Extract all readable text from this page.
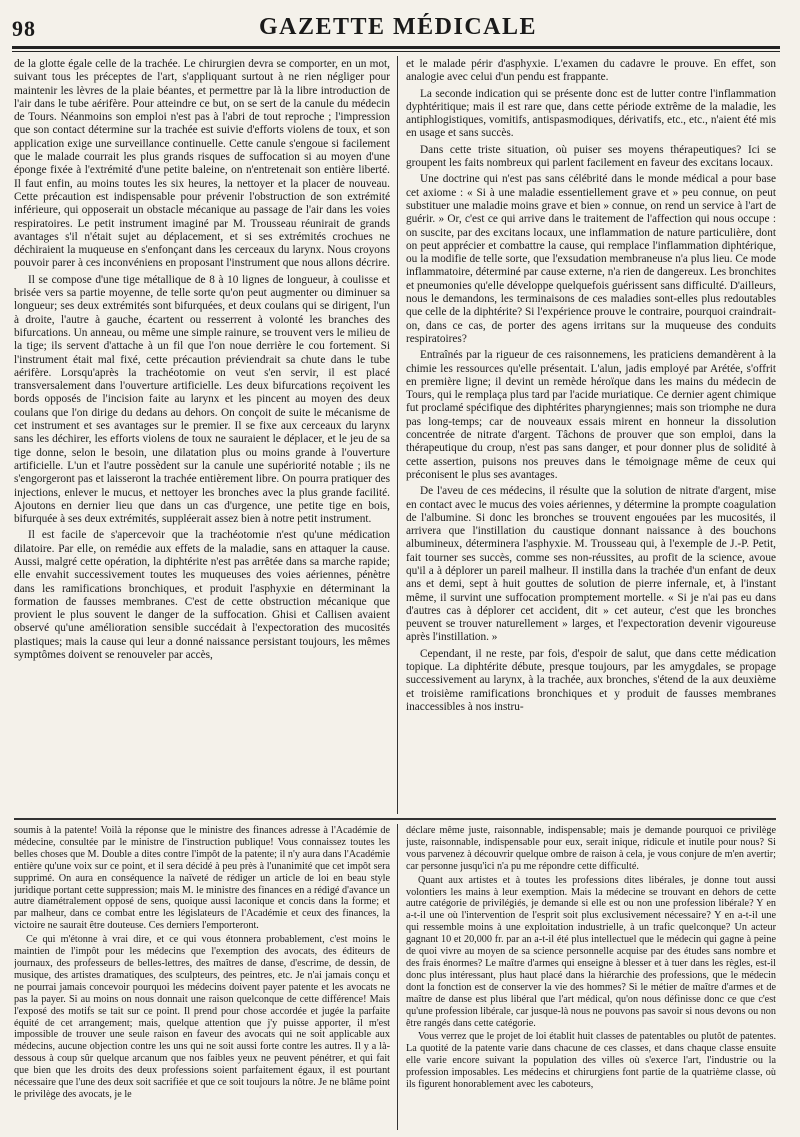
98	GAZETTE MÉDICALE

de la glotte égale celle de la trachée. Le chirurgien devra se comporter, en un mot, suivant tous les préceptes de l'art, s'appliquant surtout à ne rien négliger pour maintenir les lèvres de la plaie béantes, et permettre par là la libre introduction de l'air dans le tube aérifère. Pour atteindre ce but, on se sert de la canule du médecin de Tours. Néanmoins son emploi n'est pas à l'abri de tout reproche ; l'impression que son contact détermine sur la trachée est suivie d'efforts violens de toux, et son application exige une surveillance continuelle. Cette canule s'engoue si facilement que le malade courrait les plus grands risques de suffocation si au moyen d'une éponge fixée à l'extrémité d'une petite baleine, on n'entretenait son entière liberté. Il faut enfin, au moins toutes les six heures, la nettoyer et la placer de nouveau. Cette précaution est indispensable pour prévenir l'obstruction de son extrémité inférieure, qui opposerait un obstacle mécanique au passage de l'air dans les voies respiratoires. Le petit instrument imaginé par M. Trousseau réunirait de grands avantages s'il n'était sujet au déplacement, et si ses extrémités crochues ne déchiraient la muqueuse en s'enfonçant dans les cerceaux du larynx. Nous croyons pouvoir parer à ces inconvéniens en proposant l'instrument que nous allons décrire.

Il se compose d'une tige métallique de 8 à 10 lignes de longueur, à coulisse et brisée vers sa partie moyenne, de telle sorte qu'on peut augmenter ou diminuer sa longueur; ses deux extrémités sont bifurquées, et deux coulans qui se dirigent, l'un à droite, l'autre à gauche, écartent ou resserrent à volonté les branches des bifurcations. Un anneau, ou même une simple rainure, se trouvent vers le milieu de la tige; ils servent d'attache à un fil que l'on noue derrière le cou fortement. Si l'instrument était mal fixé, cette précaution préviendrait sa chute dans le tube aérifère. Lorsqu'après la trachéotomie on veut s'en servir, il est placé transversalement dans l'ouverture artificielle. Les deux bifurcations reçoivent les bords opposés de l'incision faite au larynx et les pincent au moyen des deux coulans que l'on dirige du dedans au dehors. On conçoit de suite le mécanisme de cet instrument et ses avantages sur le premier. Il se fixe aux cerceaux du larynx sans les déchirer, les efforts violens de toux ne sauraient le déplacer, et le jeu de sa tige donne, selon le besoin, une dilatation plus ou moins grande à l'ouverture artificielle. L'un et l'autre possèdent sur la canule une supériorité notable ; ils ne s'engorgeront pas et laisseront la trachée entièrement libre. On pourra pratiquer des injections, enlever le mucus, et nettoyer les bronches avec la plus grande facilité. Ajoutons en dernier lieu que dans un cas d'urgence, une petite tige en bois, bifurquée à ses deux extrémités, suppléerait assez bien à notre petit instrument.

Il est facile de s'apercevoir que la trachéotomie n'est qu'une médication dilatoire. Par elle, on remédie aux effets de la maladie, sans en attaquer la cause. Aussi, malgré cette opération, la diphtérite n'est pas arrêtée dans sa marche rapide; elle envahit successivement toutes les muqueuses des voies aériennes, pénètre dans les ramifications bronchiques, et produit l'asphyxie en déterminant la formation de fausses membranes. C'est de cette obstruction mécanique que provient le plus souvent le danger de la suffocation. Ghisi et Callisen avaient observé qu'une amélioration sensible succédait à l'expectoration des mucosités plastiques; mais la cause qui leur a donné naissance persistant toujours, les mêmes symptômes doivent se renouveler par accès,

et le malade périr d'asphyxie. L'examen du cadavre le prouve. En effet, son analogie avec celui d'un pendu est frappante.

La seconde indication qui se présente donc est de lutter contre l'inflammation dyphtéritique; mais il est rare que, dans cette période extrême de la maladie, les antiphlogistiques, vomitifs, antispasmodiques, dérivatifs, etc., etc., n'aient été mis en usage et sans succès.

Dans cette triste situation, où puiser ses moyens thérapeutiques? Ici se groupent les faits nombreux qui parlent facilement en faveur des excitans locaux.

Une doctrine qui n'est pas sans célébrité dans le monde médical a pour base cet axiome : « Si à une maladie essentiellement grave et » peu connue, on peut substituer une maladie moins grave et bien » connue, on rend un service à l'art de guérir. » Or, c'est ce qui arrive dans le traitement de l'affection qui nous occupe : on suscite, par des excitans locaux, une inflammation de nature particulière, dont on peut apprécier et combattre la cause, qui remplace l'inflammation diphtérique, ou la modifie de telle sorte, que l'exsudation membraneuse n'a plus lieu. Ce mode inflammatoire, déterminé par cause externe, n'a rien de dangereux. Les bronchites et pneumonies qu'elle développe quelquefois guérissent sans difficulté. D'ailleurs, nous le demandons, les terminaisons de ces maladies sont-elles plus redoutables que celle de la diphtérite? Si l'expérience prouve le contraire, pourquoi craindrait-on, dans ce cas, de porter des agens irritans sur la muqueuse des conduits respiratoires?

Entraînés par la rigueur de ces raisonnemens, les praticiens demandèrent à la chimie les ressources qu'elle présentait. L'alun, jadis employé par Arétée, s'offrit en première ligne; il devint un remède héroïque dans les mains du médecin de Tours, qui le remplaça plus tard par l'acide muriatique. Ce dernier agent chimique fut proclamé spécifique des diphtérites pharyngiennes; mais son triomphe ne dura pas long-temps; car de nouveaux essais mirent en honneur la dissolution concentrée de nitrate d'argent. Tâchons de prouver que son emploi, dans la thérapeutique du croup, n'est pas sans danger, et pour donner plus de solidité à cette assertion, puisons nos preuves dans le témoignage même de ceux qui préconisent le plus ses avantages.

De l'aveu de ces médecins, il résulte que la solution de nitrate d'argent, mise en contact avec le mucus des voies aériennes, y détermine la prompte coagulation de l'albumine. Si donc les bronches se trouvent engouées par les mucosités, il arrivera que l'instillation du caustique donnant naissance à des bouchons albumineux, déterminera l'asphyxie. M. Trousseau qui, à l'exemple de J.-P. Petit, fait tourner ses succès, comme ses non-réussites, au profit de la science, avoue qu'il a à déplorer un pareil malheur. Il instilla dans la trachée d'un enfant de deux ans et demi, sept à huit gouttes de solution de pierre infernale, et, à l'instant même, il survint une suffocation promptement mortelle. « Si je n'ai pas eu dans d'autres cas à déplorer cet accident, dit » cet auteur, c'est que les bronches peuvent se trouver naturellement » larges, et l'expectoration devenir vigoureuse après l'instillation. »

Cependant, il ne reste, par fois, d'espoir de salut, que dans cette médication topique. La diphtérite débute, presque toujours, par les amygdales, se propage successivement au larynx, à la trachée, aux bronches, s'étend de la aux deuxième et troisième ramifications bronchiques et y produit de fausses membranes inaccessibles à nos instru-

soumis à la patente! Voilà la réponse que le ministre des finances adresse à l'Académie de médecine, consultée par le ministre de l'instruction publique! Vous connaissez toutes les belles choses que M. Double a dites contre l'impôt de la patente; il n'y aura dans l'Académie entière qu'une voix sur ce point, et il sera décidé à peu près à l'unanimité que cet impôt sera supprimé. On aura en conséquence la naïveté de rédiger un article de loi en beau style juridique portant cette suppression; mais M. le ministre des finances en a rédigé d'avance un autre diamétralement opposé de sens, quoique aussi laconique et concis dans la forme; et par malheur, dans ce combat entre les législateurs de l'Académie et ceux des finances, la victoire ne saurait être douteuse. Ces derniers l'emporteront.

Ce qui m'étonne à vrai dire, et ce qui vous étonnera probablement, c'est moins le maintien de l'impôt pour les médecins que l'exemption des avocats, des éditeurs de journaux, des professeurs de belles-lettres, des maîtres de danse, d'escrime, de dessin, de musique, des artistes dramatiques, des sculpteurs, des peintres, etc. Je n'ai jamais conçu et ne pourrai jamais concevoir pourquoi les médecins doivent payer patente et les avocats ne pas la payer. Si au moins on nous donnait une raison quelconque de cette différence! Mais l'exposé des motifs se tait sur ce point. Il prend pour chose accordée et jugée la parfaite équité de cet arrangement; mais, quelque attention que j'y puisse apporter, il m'est impossible de trouver une seule raison en faveur des avocats qui ne soit applicable aux médecins, aucune objection contre les uns qui ne soit aussi forte contre les autres. Il y a là-dessous à coup sûr quelque arcanum que nos faibles yeux ne peuvent pénétrer, et qui fait que bien que les droits des deux professions soient parfaitement égaux, il est pourtant nécessaire que l'une des deux soit sacrifiée et que ce soit toujours la nôtre. Je ne blâme point le privilège des avocats, je le

déclare même juste, raisonnable, indispensable; mais je demande pourquoi ce privilège juste, raisonnable, indispensable pour eux, serait inique, ridicule et inutile pour nous? Si vous parvenez à découvrir quelque ombre de raison à cela, je vous conjure de m'en avertir; car personne jusqu'ici n'a pu me répondre cette difficulté.

Quant aux artistes et à toutes les professions dites libérales, je donne tout aussi volontiers les mains à leur exemption. Mais la médecine se trouvant en dehors de cette autre catégorie de privilégiés, je demande si elle est ou non une profession libérale? Y en a-t-il une où l'intervention de l'esprit soit plus exclusivement nécessaire? Y en a-t-il une qui ressemble moins à une exploitation industrielle, à un trafic quelconque? Un acteur gagnant 10 et 20,000 fr. par an a-t-il été plus intellectuel que le médecin qui gagne à peine de quoi vivre au moyen de sa science personnelle acquise par des études sans nombre et des frais énormes? Le maître d'armes qui enseigne à blesser et à tuer dans les règles, est-il donc plus intéressant, plus haut placé dans la hiérarchie des professions, que le médecin dont la fonction est de conserver la vie des hommes? Si le métier de maître d'armes et de maître de danse est plus libéral que l'art médical, qu'on nous définisse donc ce que c'est qu'une profession libérale, car jusque-là nous ne pouvons pas savoir si nous devons ou non être rangés dans cette catégorie.

Vous verrez que le projet de loi établit huit classes de patentables ou plutôt de patentes. La quotité de la patente varie dans chacune de ces classes, et dans chaque classe ensuite elle varie encore suivant la population des villes où s'exerce l'art, l'industrie ou la profession imposables. Les médecins et chirurgiens font partie de la quatrième classe, où ils figurent honorablement avec les caboteurs,
